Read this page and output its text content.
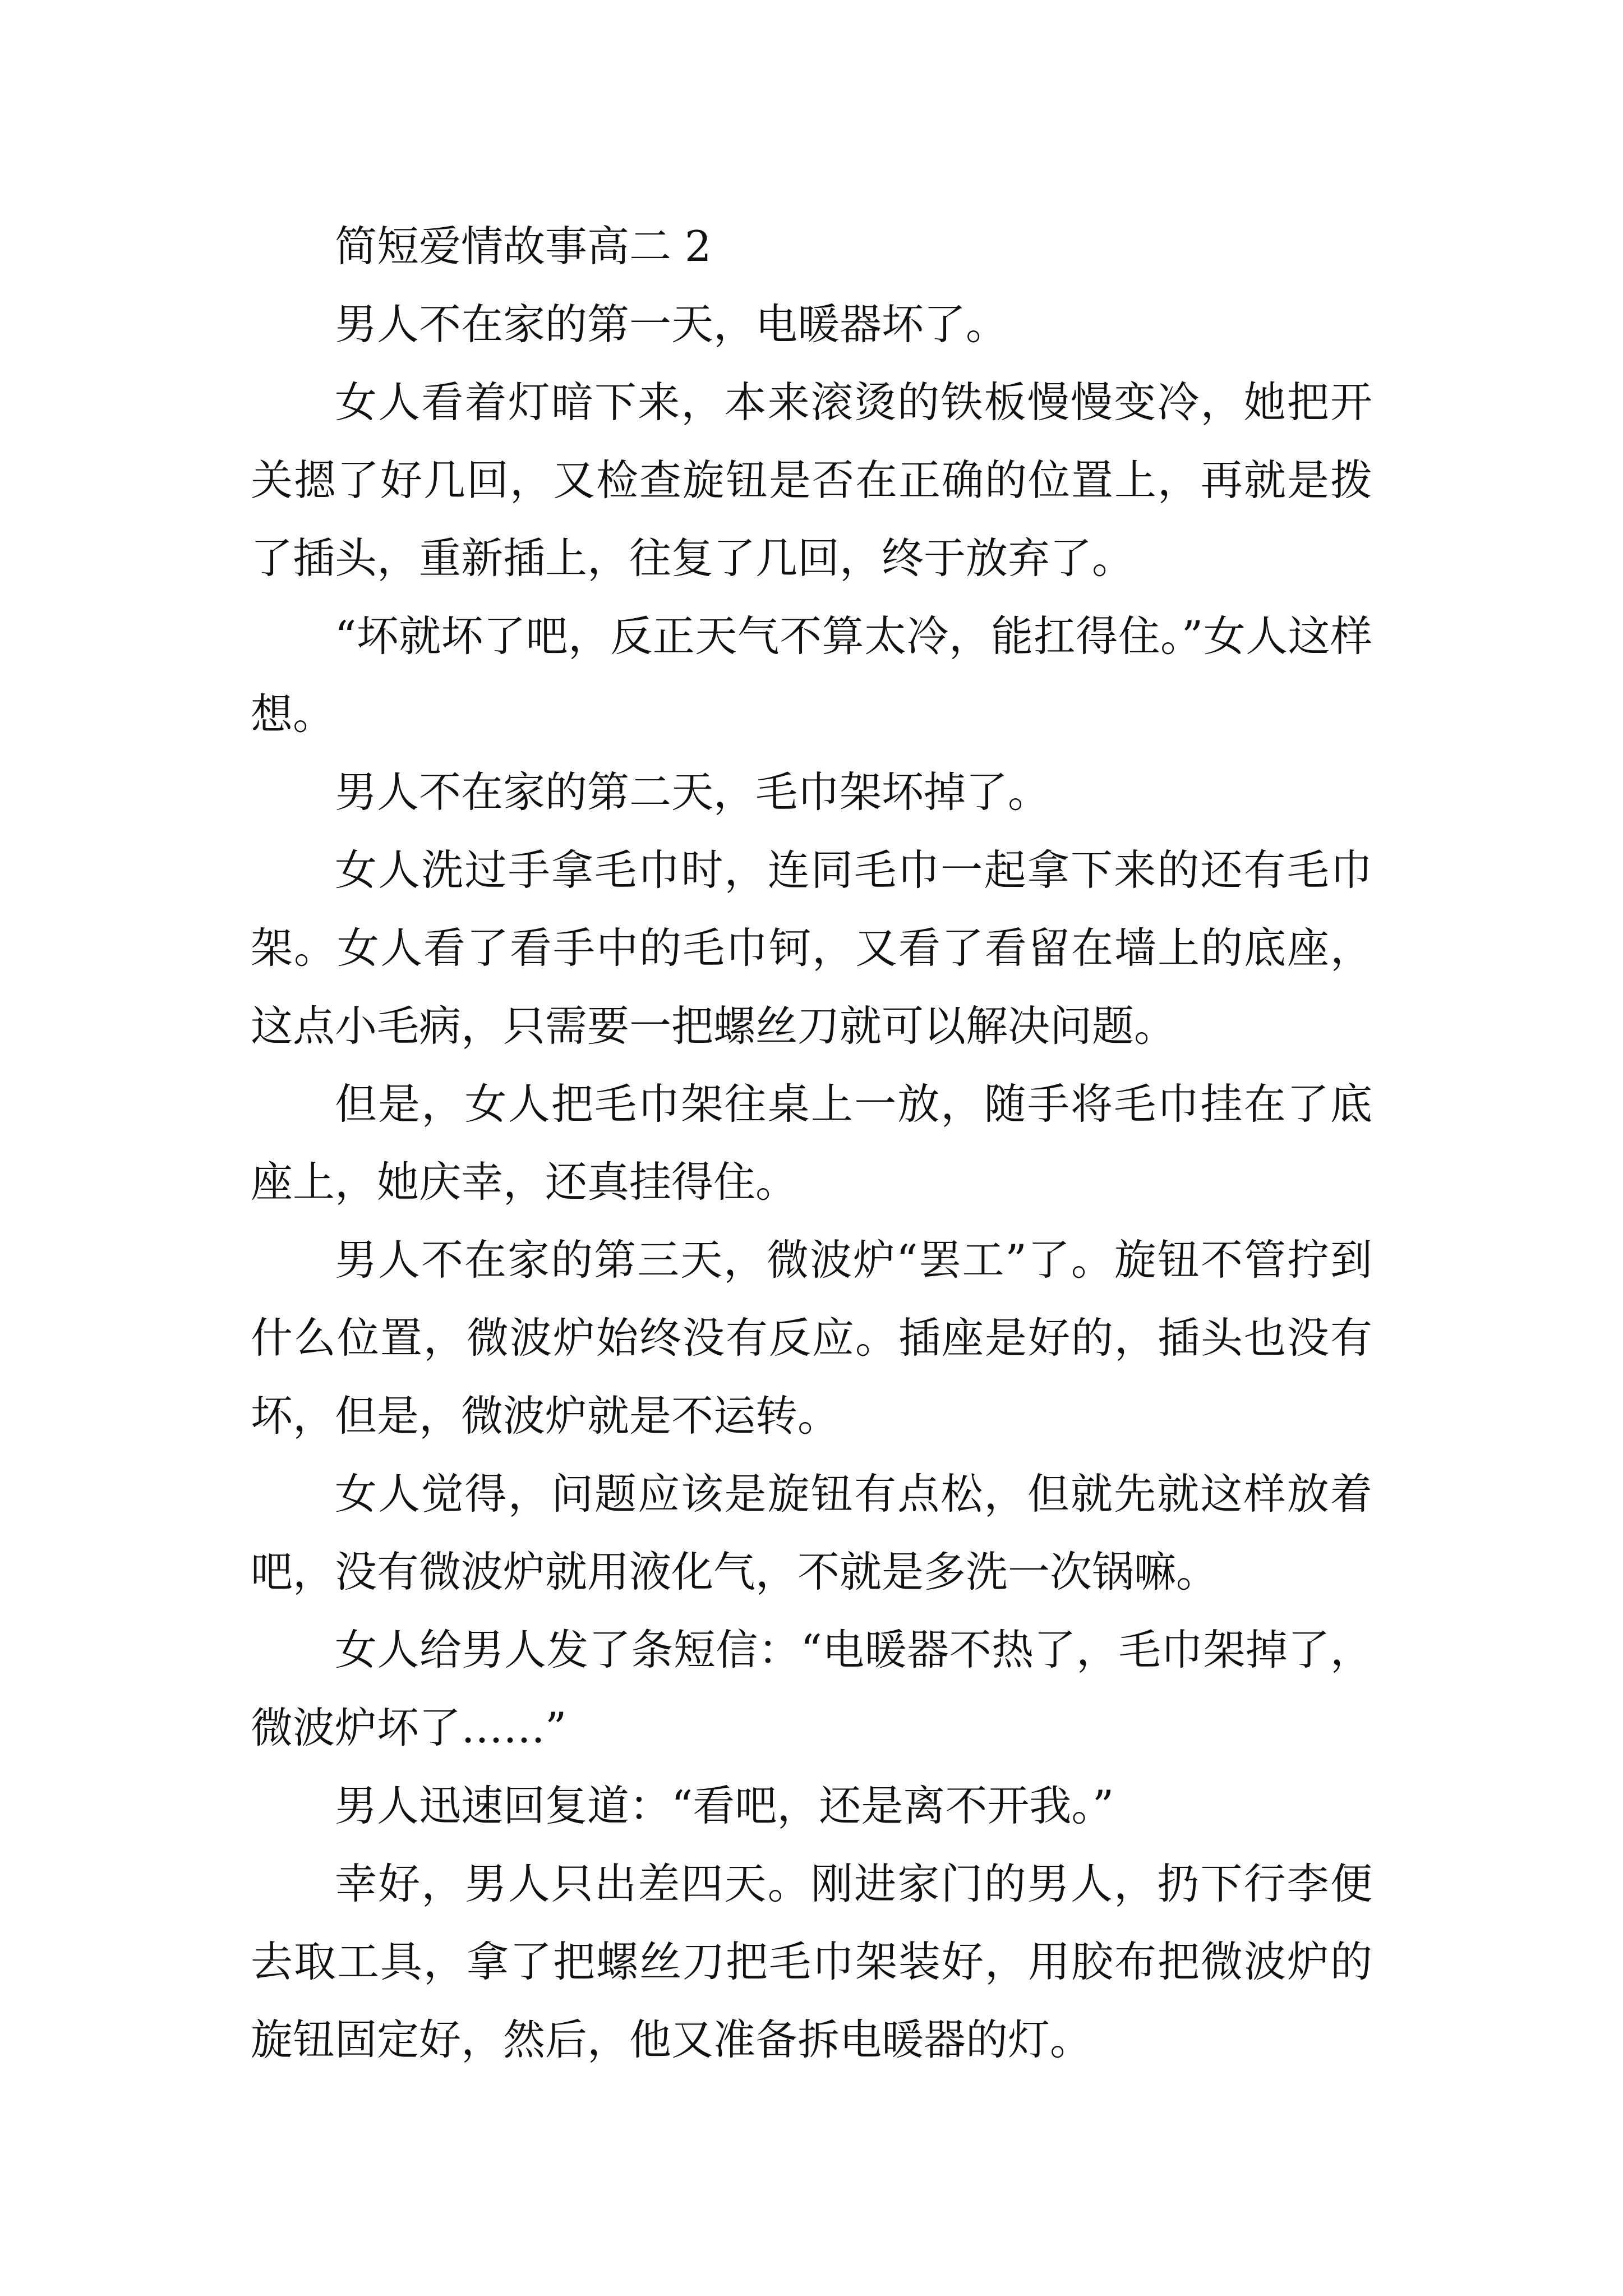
简短爱情故事高二 2

男人不在家的第一天，电暖器坏了。

女人看着灯暗下来，本来滚烫的铁板慢慢变冷，她把开关摁了好几回，又检查旋钮是否在正确的位置上，再就是拨了插头，重新插上，往复了几回，终于放弃了。

“坏就坏了吧，反正天气不算太冷，能扛得住。”女人这样想。

男人不在家的第二天，毛巾架坏掉了。

女人洗过手拿毛巾时，连同毛巾一起拿下来的还有毛巾架。女人看了看手中的毛巾钶，又看了看留在墙上的底座，这点小毛病，只需要一把螺丝刀就可以解决问题。

但是，女人把毛巾架往桌上一放，随手将毛巾挂在了底座上，她庆幸，还真挂得住。

男人不在家的第三天，微波炉“罢工”了。旋钮不管拧到什么位置，微波炉始终没有反应。插座是好的，插头也没有坏，但是，微波炉就是不运转。

女人觉得，问题应该是旋钮有点松，但就先就这样放着吧，没有微波炉就用液化气，不就是多洗一次锅嘛。

女人给男人发了条短信：“电暖器不热了，毛巾架掉了，微波炉坏了……”

男人迅速回复道：“看吧，还是离不开我。”

幸好，男人只出差四天。刚进家门的男人，扔下行李便去取工具，拿了把螺丝刀把毛巾架装好，用胶布把微波炉的旋钮固定好，然后，他又准备拆电暖器的灯。
